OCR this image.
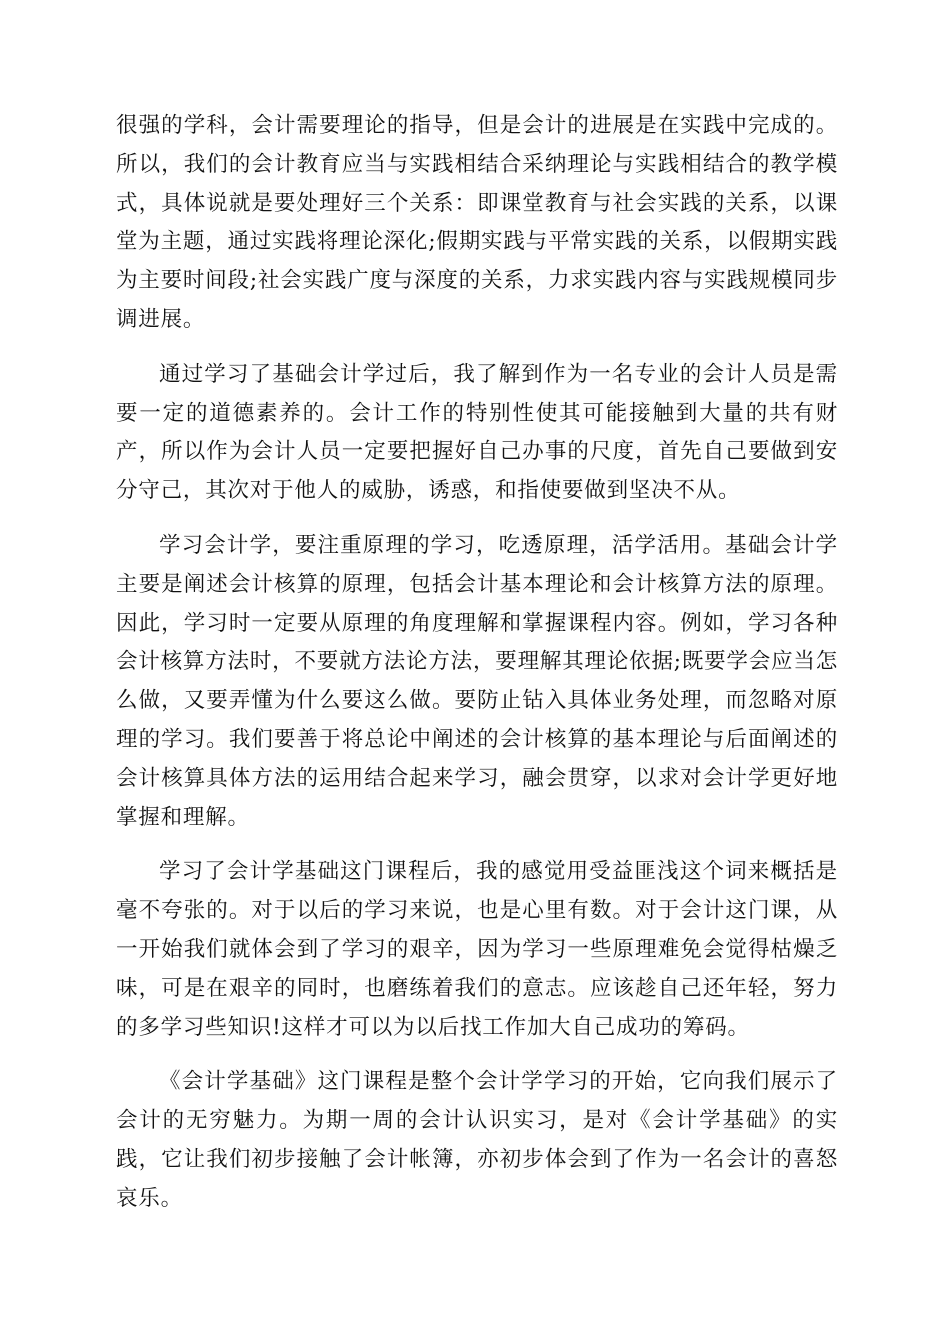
很强的学科，会计需要理论的指导，但是会计的进展是在实践中完成的。所以，我们的会计教育应当与实践相结合采纳理论与实践相结合的教学模式，具体说就是要处理好三个关系：即课堂教育与社会实践的关系，以课堂为主题，通过实践将理论深化;假期实践与平常实践的关系，以假期实践为主要时间段;社会实践广度与深度的关系，力求实践内容与实践规模同步调进展。

通过学习了基础会计学过后，我了解到作为一名专业的会计人员是需要一定的道德素养的。会计工作的特别性使其可能接触到大量的共有财产，所以作为会计人员一定要把握好自己办事的尺度，首先自己要做到安分守己，其次对于他人的威胁，诱惑，和指使要做到坚决不从。

学习会计学，要注重原理的学习，吃透原理，活学活用。基础会计学主要是阐述会计核算的原理，包括会计基本理论和会计核算方法的原理。因此，学习时一定要从原理的角度理解和掌握课程内容。例如，学习各种会计核算方法时，不要就方法论方法，要理解其理论依据;既要学会应当怎么做，又要弄懂为什么要这么做。要防止钻入具体业务处理，而忽略对原理的学习。我们要善于将总论中阐述的会计核算的基本理论与后面阐述的会计核算具体方法的运用结合起来学习，融会贯穿，以求对会计学更好地掌握和理解。

学习了会计学基础这门课程后，我的感觉用受益匪浅这个词来概括是毫不夸张的。对于以后的学习来说，也是心里有数。对于会计这门课，从一开始我们就体会到了学习的艰辛，因为学习一些原理难免会觉得枯燥乏味，可是在艰辛的同时，也磨练着我们的意志。应该趁自己还年轻，努力的多学习些知识!这样才可以为以后找工作加大自己成功的筹码。

《会计学基础》这门课程是整个会计学学习的开始，它向我们展示了会计的无穷魅力。为期一周的会计认识实习，是对《会计学基础》的实践，它让我们初步接触了会计帐簿，亦初步体会到了作为一名会计的喜怒哀乐。
